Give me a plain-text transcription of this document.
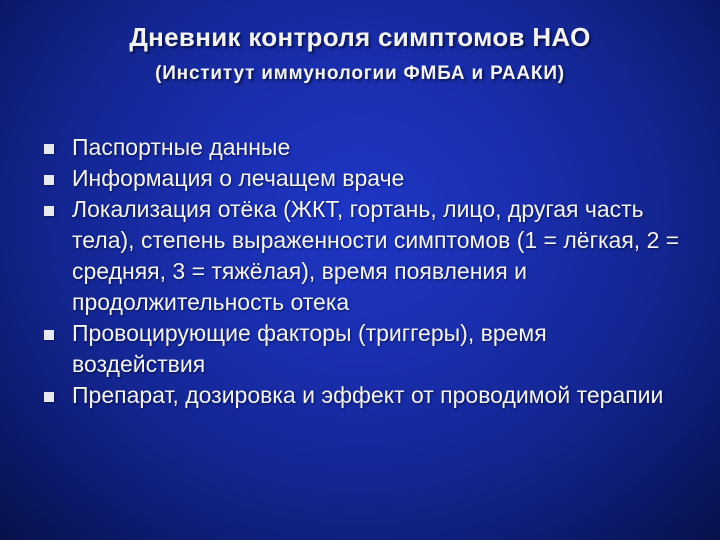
Дневник контроля симптомов НАО
(Институт иммунологии ФМБА и РААКИ)
Паспортные данные
Информация о лечащем враче
Локализация отёка (ЖКТ, гортань, лицо, другая часть тела), степень выраженности симптомов (1 = лёгкая, 2 = средняя, 3 = тяжёлая), время появления и продолжительность отека
Провоцирующие факторы (триггеры), время воздействия
Препарат, дозировка и эффект от проводимой терапии
